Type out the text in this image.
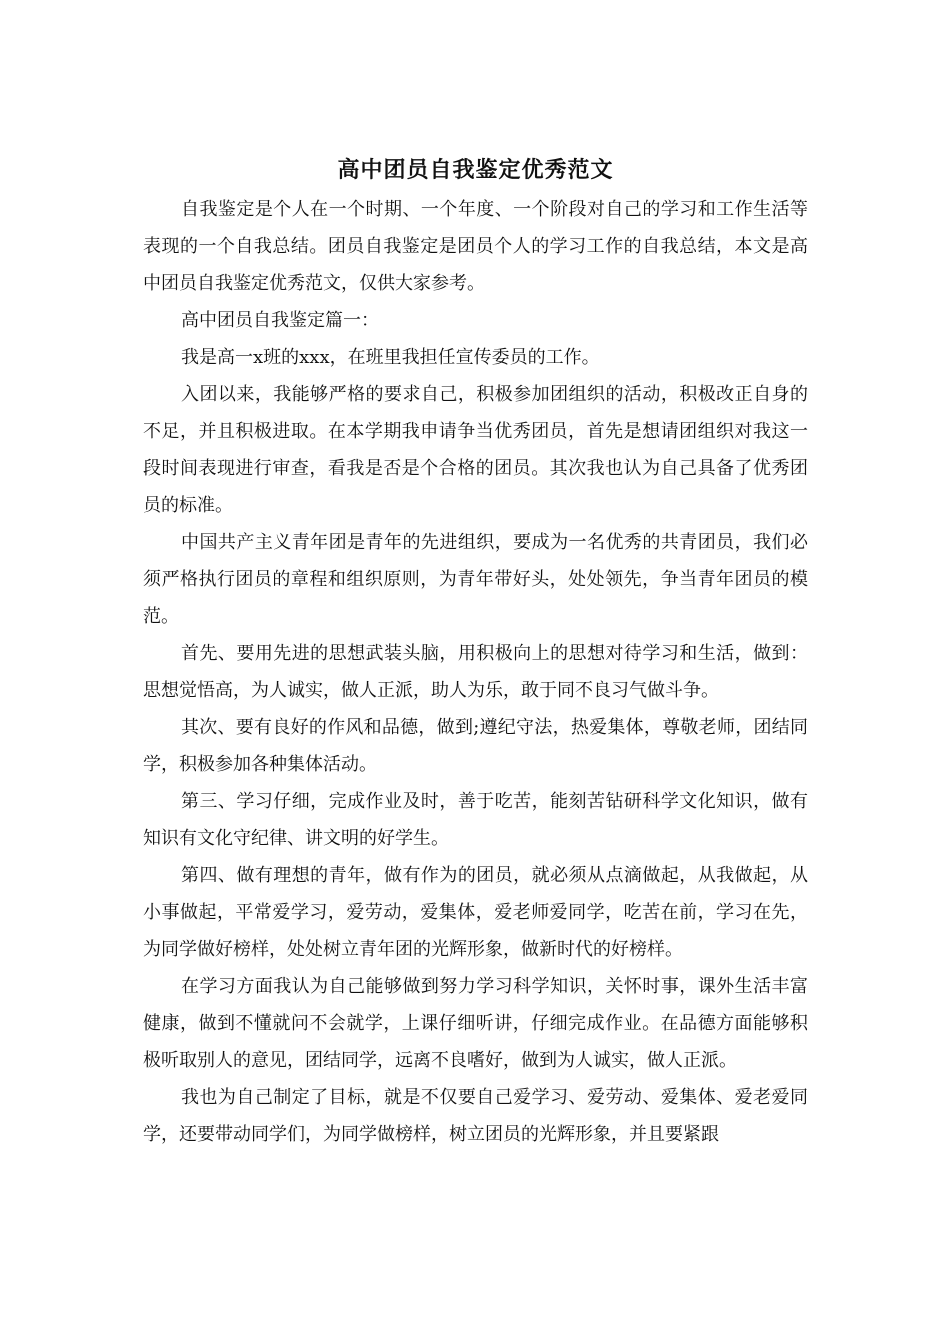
高中团员自我鉴定优秀范文

自我鉴定是个人在一个时期、一个年度、一个阶段对自己的学习和工作生活等表现的一个自我总结。团员自我鉴定是团员个人的学习工作的自我总结，本文是高中团员自我鉴定优秀范文，仅供大家参考。

高中团员自我鉴定篇一：

我是高一x班的xxx，在班里我担任宣传委员的工作。

入团以来，我能够严格的要求自己，积极参加团组织的活动，积极改正自身的不足，并且积极进取。在本学期我申请争当优秀团员，首先是想请团组织对我这一段时间表现进行审查，看我是否是个合格的团员。其次我也认为自己具备了优秀团员的标准。

中国共产主义青年团是青年的先进组织，要成为一名优秀的共青团员，我们必须严格执行团员的章程和组织原则，为青年带好头，处处领先，争当青年团员的模范。

首先、要用先进的思想武装头脑，用积极向上的思想对待学习和生活，做到：思想觉悟高，为人诚实，做人正派，助人为乐，敢于同不良习气做斗争。

其次、要有良好的作风和品德，做到;遵纪守法，热爱集体，尊敬老师，团结同学，积极参加各种集体活动。

第三、学习仔细，完成作业及时，善于吃苦，能刻苦钻研科学文化知识，做有知识有文化守纪律、讲文明的好学生。

第四、做有理想的青年，做有作为的团员，就必须从点滴做起，从我做起，从小事做起，平常爱学习，爱劳动，爱集体，爱老师爱同学，吃苦在前，学习在先，为同学做好榜样，处处树立青年团的光辉形象，做新时代的好榜样。

在学习方面我认为自己能够做到努力学习科学知识，关怀时事，课外生活丰富健康，做到不懂就问不会就学，上课仔细听讲，仔细完成作业。在品德方面能够积极听取别人的意见，团结同学，远离不良嗜好，做到为人诚实，做人正派。

我也为自己制定了目标，就是不仅要自己爱学习、爱劳动、爱集体、爱老爱同学，还要带动同学们，为同学做榜样，树立团员的光辉形象，并且要紧跟
